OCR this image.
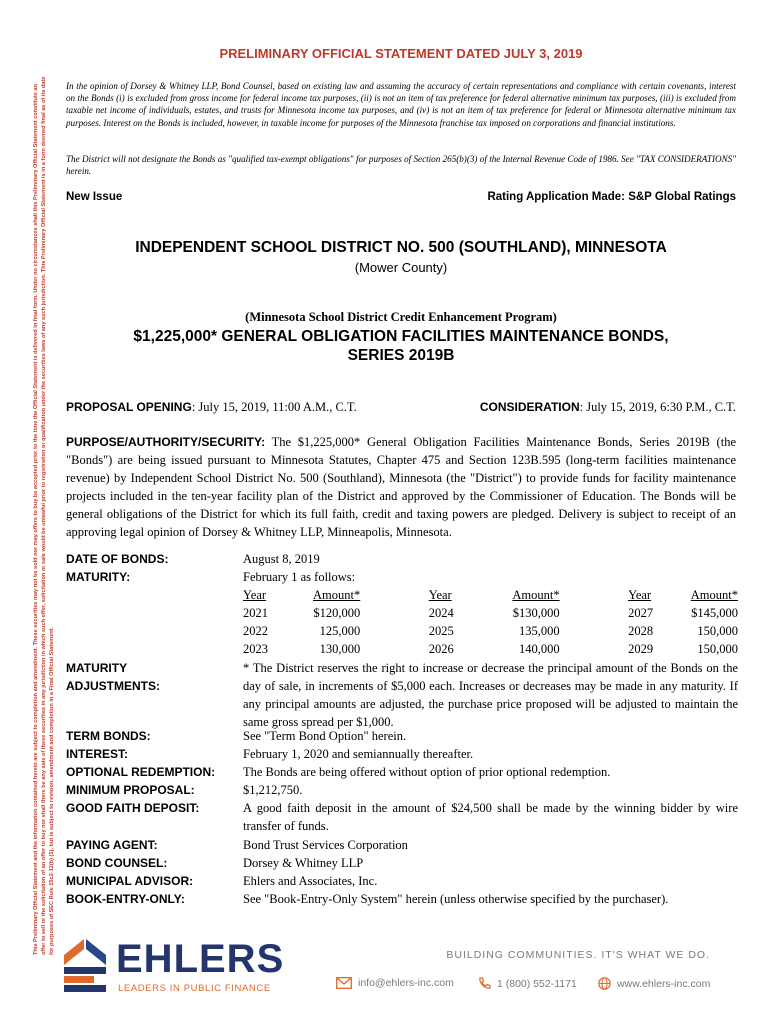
This Preliminary Official Statement and the information contained herein are subject to completion and amendment. These securities may not be sold nor may offers to buy be accepted prior to the time the Official Statement is delivered in final form. Under no circumstances shall this Preliminary Official Statement constitute an offer to sell or the solicitation of an offer to buy nor shall there be any sale of these securities in any jurisdiction in which such offer, solicitation or sale would be unlawful prior to registration or qualification under the securities laws of any such jurisdiction. This Preliminary Official Statement is in a form deemed final as of its date for purposes of SEC Rule 15c2-12(b) (1), but is subject to revision, amendment and completion in a Final Official Statement.
PRELIMINARY OFFICIAL STATEMENT DATED JULY 3, 2019

In the opinion of Dorsey & Whitney LLP, Bond Counsel, based on existing law and assuming the accuracy of certain representations and compliance with certain covenants, interest on the Bonds (i) is excluded from gross income for federal income tax purposes, (ii) is not an item of tax preference for federal alternative minimum tax purposes, (iii) is excluded from taxable net income of individuals, estates, and trusts for Minnesota income tax purposes, and (iv) is not an item of tax preference for federal or Minnesota alternative minimum tax purposes. Interest on the Bonds is included, however, in taxable income for purposes of the Minnesota franchise tax imposed on corporations and financial institutions.

The District will not designate the Bonds as "qualified tax-exempt obligations" for purposes of Section 265(b)(3) of the Internal Revenue Code of 1986. See "TAX CONSIDERATIONS" herein.

New Issue	Rating Application Made: S&P Global Ratings
INDEPENDENT SCHOOL DISTRICT NO. 500 (SOUTHLAND), MINNESOTA
(Mower County)
(Minnesota School District Credit Enhancement Program)
$1,225,000* GENERAL OBLIGATION FACILITIES MAINTENANCE BONDS,
SERIES 2019B
PROPOSAL OPENING: July 15, 2019, 11:00 A.M., C.T.	CONSIDERATION: July 15, 2019, 6:30 P.M., C.T.

PURPOSE/AUTHORITY/SECURITY: The $1,225,000* General Obligation Facilities Maintenance Bonds, Series 2019B (the "Bonds") are being issued pursuant to Minnesota Statutes, Chapter 475 and Section 123B.595 (long-term facilities maintenance revenue) by Independent School District No. 500 (Southland), Minnesota (the "District") to provide funds for facility maintenance projects included in the ten-year facility plan of the District and approved by the Commissioner of Education. The Bonds will be general obligations of the District for which its full faith, credit and taxing powers are pledged. Delivery is subject to receipt of an approving legal opinion of Dorsey & Whitney LLP, Minneapolis, Minnesota.

DATE OF BONDS:	August 8, 2019
MATURITY:	February 1 as follows:
Year	Amount*		Year	Amount*		Year	Amount*
2021	$120,000		2024	$130,000		2027	$145,000
2022	125,000		2025	135,000		2028	150,000
2023	130,000		2026	140,000		2029	150,000
MATURITY
ADJUSTMENTS:
* The District reserves the right to increase or decrease the principal amount of the Bonds on the day of sale, in increments of $5,000 each. Increases or decreases may be made in any maturity. If any principal amounts are adjusted, the purchase price proposed will be adjusted to maintain the same gross spread per $1,000.
TERM BONDS:	See "Term Bond Option" herein.
INTEREST:	February 1, 2020 and semiannually thereafter.
OPTIONAL REDEMPTION:	The Bonds are being offered without option of prior optional redemption.
MINIMUM PROPOSAL:	$1,212,750.
GOOD FAITH DEPOSIT:	A good faith deposit in the amount of $24,500 shall be made by the winning bidder by wire transfer of funds.
PAYING AGENT:	Bond Trust Services Corporation
BOND COUNSEL:	Dorsey & Whitney LLP
MUNICIPAL ADVISOR:	Ehlers and Associates, Inc.
BOOK-ENTRY-ONLY:	See "Book-Entry-Only System" herein (unless otherwise specified by the purchaser).
EHLERS
LEADERS IN PUBLIC FINANCE
BUILDING COMMUNITIES. IT'S WHAT WE DO.
info@ehlers-inc.com	1 (800) 552-1171	www.ehlers-inc.com
